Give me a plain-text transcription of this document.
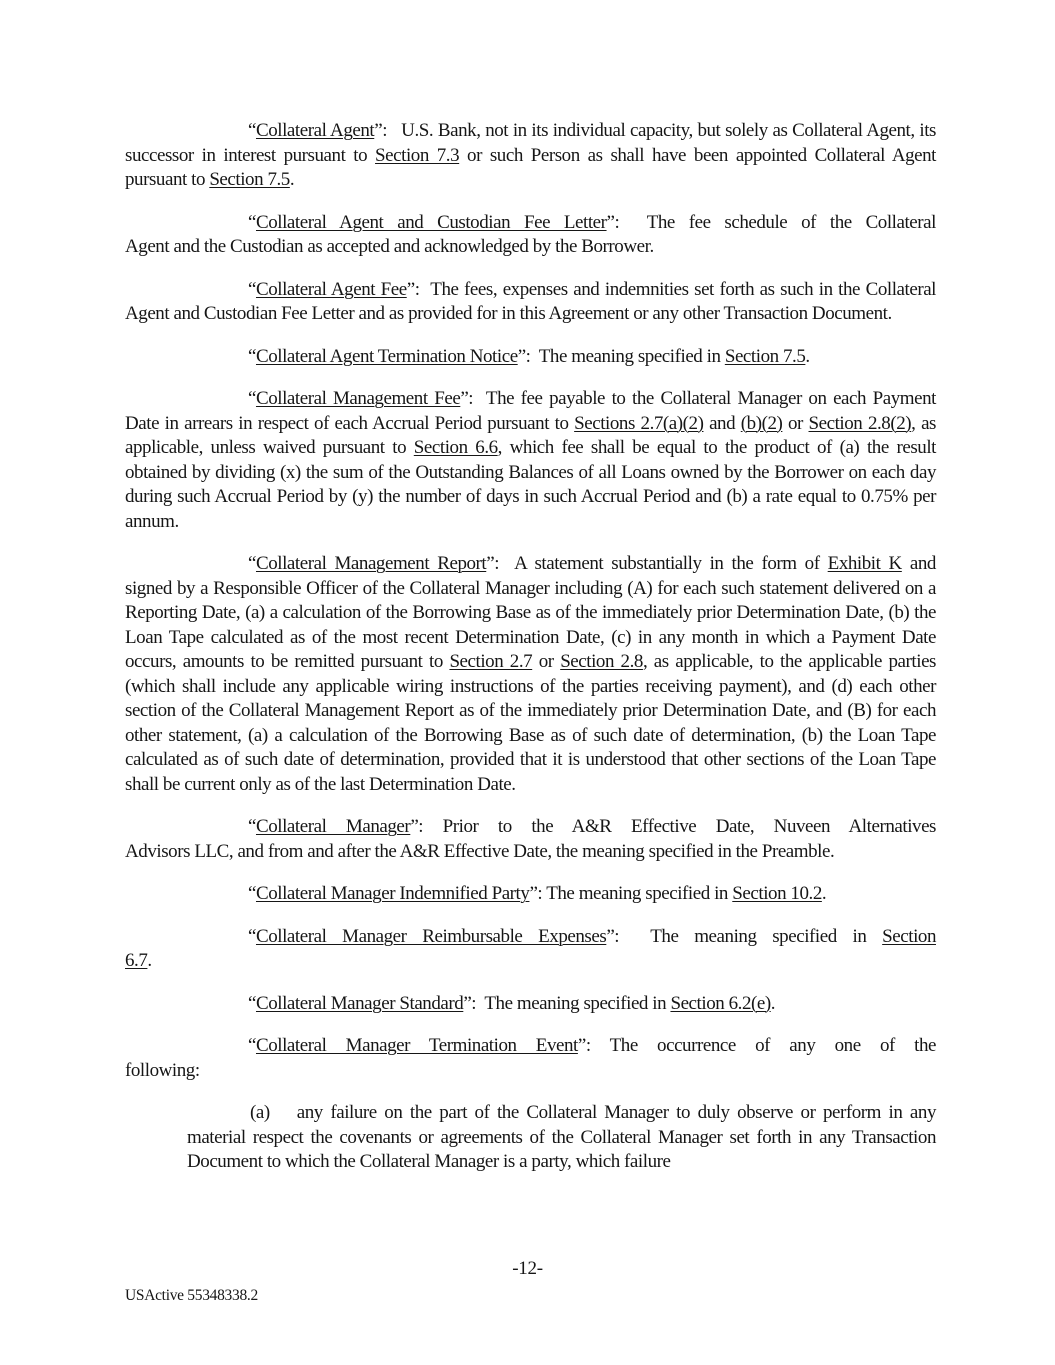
“Collateral Agent”:   U.S. Bank, not in its individual capacity, but solely as Collateral Agent, its successor in interest pursuant to Section 7.3 or such Person as shall have been appointed Collateral Agent pursuant to Section 7.5.

“Collateral Agent and Custodian Fee Letter”:  The fee schedule of the Collateral
Agent and the Custodian as accepted and acknowledged by the Borrower.

“Collateral Agent Fee”:  The fees, expenses and indemnities set forth as such in the Collateral Agent and Custodian Fee Letter and as provided for in this Agreement or any other Transaction Document.

“Collateral Agent Termination Notice”:  The meaning specified in Section 7.5.

“Collateral Management Fee”:  The fee payable to the Collateral Manager on each Payment Date in arrears in respect of each Accrual Period pursuant to Sections 2.7(a)(2) and (b)(2) or Section 2.8(2), as applicable, unless waived pursuant to Section 6.6, which fee shall be equal to the product of (a) the result obtained by dividing (x) the sum of the Outstanding Balances of all Loans owned by the Borrower on each day during such Accrual Period by (y) the number of days in such Accrual Period and (b) a rate equal to 0.75% per annum.

“Collateral Management Report”:  A statement substantially in the form of Exhibit K and signed by a Responsible Officer of the Collateral Manager including (A) for each such statement delivered on a Reporting Date, (a) a calculation of the Borrowing Base as of the immediately prior Determination Date, (b) the Loan Tape calculated as of the most recent Determination Date, (c) in any month in which a Payment Date occurs, amounts to be remitted pursuant to Section 2.7 or Section 2.8, as applicable, to the applicable parties (which shall include any applicable wiring instructions of the parties receiving payment), and (d) each other section of the Collateral Management Report as of the immediately prior Determination Date, and (B) for each other statement, (a) a calculation of the Borrowing Base as of such date of determination, (b) the Loan Tape calculated as of such date of determination, provided that it is understood that other sections of the Loan Tape shall be current only as of the last Determination Date.

“Collateral Manager”: Prior to the A&R Effective Date, Nuveen Alternatives
Advisors LLC, and from and after the A&R Effective Date, the meaning specified in the Preamble.

“Collateral Manager Indemnified Party”: The meaning specified in Section 10.2.

“Collateral Manager Reimbursable Expenses”:  The meaning specified in Section
6.7.

“Collateral Manager Standard”:  The meaning specified in Section 6.2(e).

“Collateral Manager Termination Event”: The occurrence of any one of the
following:

(a) any failure on the part of the Collateral Manager to duly observe or perform in any material respect the covenants or agreements of the Collateral Manager set forth in any Transaction Document to which the Collateral Manager is a party, which failure

-12-
USActive 55348338.2
